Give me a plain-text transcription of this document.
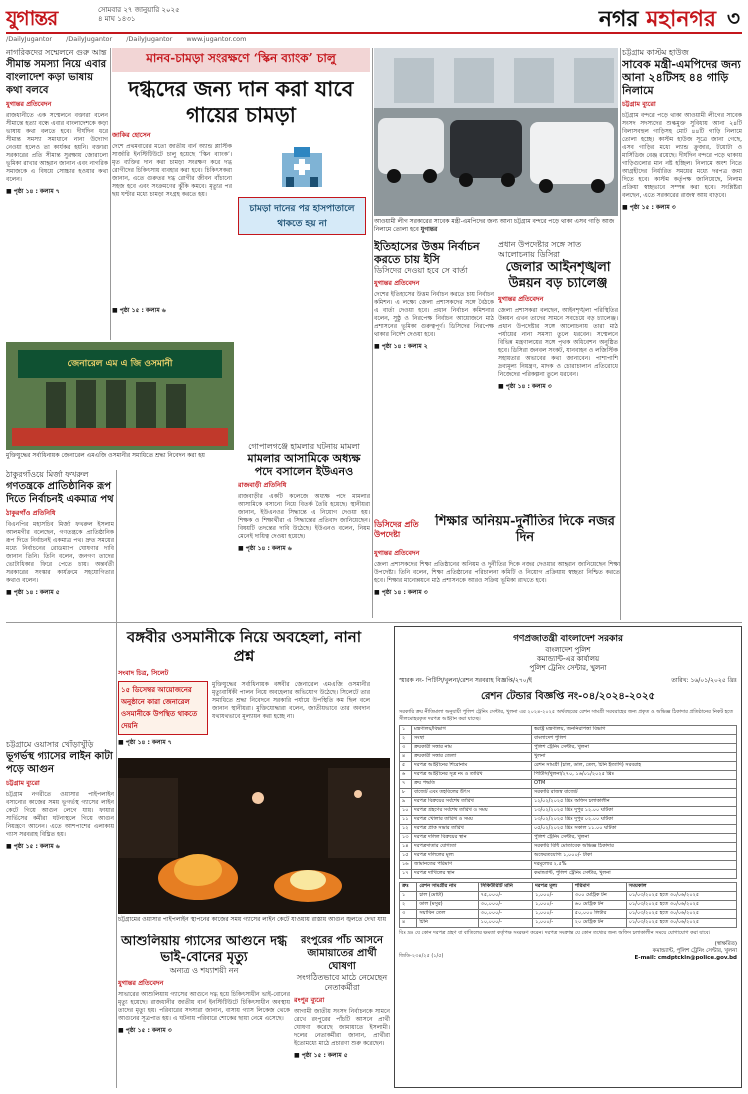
যুগান্তর	সোমবার ২৭ জানুয়ারি ২০২৫
৪ মাঘ ১৪৩১	নগর মহানগর ৩
/DailyJugantor /DailyJugantor /DailyJugantor www.jugantor.com
নাগরিকদের সম্মেলনে গুরু আন্ত
সীমান্ত সমস্যা নিয়ে এবার বাংলাদেশ কড়া ভাষায় কথা বলবে
যুগান্তর প্রতিবেদন
রাজধানীতে এক সম্মেলনে বক্তারা বলেন সীমান্তে হত্যা বন্ধে এবার বাংলাদেশকে কড়া ভাষায় কথা বলতে হবে। দীর্ঘদিন ধরে সীমান্ত সমস্যা সমাধানে নানা উদ্যোগ নেওয়া হলেও তা কার্যকর হয়নি। বক্তারা সরকারের প্রতি সীমান্ত সুরক্ষায় জোরালো ভূমিকা রাখার আহ্বান জানান এবং নাগরিক সমাজকে এ বিষয়ে সোচ্চার হওয়ার কথা বলেন।
■ পৃষ্ঠা ১৪ : কলাম ৭
মানব-চামড়া সংরক্ষণে ‘স্কিন ব্যাংক’ চালু
দগ্ধদের জন্য দান করা যাবে গায়ের চামড়া
জাকির হোসেন
দেশে প্রথমবারের মতো জাতীয় বার্ন অ্যান্ড প্লাস্টিক সার্জারি ইনস্টিটিউটে চালু হয়েছে ‘স্কিন ব্যাংক’। মৃত ব্যক্তির দান করা চামড়া সংরক্ষণ করে দগ্ধ রোগীদের চিকিৎসায় ব্যবহার করা হবে। চিকিৎসকরা জানান, এতে গুরুতর দগ্ধ রোগীর জীবন বাঁচানো সহজ হবে এবং সংক্রমণের ঝুঁকি কমবে। মৃত্যুর পর ছয় ঘণ্টার মধ্যে চামড়া সংগ্রহ করতে হয়।
চামড়া দানের পর হাসপাতালে থাকতে হয় না
■ পৃষ্ঠা ১৫ : কলাম ৬
আওয়ামী লীগ সরকারের সাবেক মন্ত্রী-এমপিদের জন্য আনা চট্টগ্রাম বন্দরে পড়ে থাকা এসব গাড়ি আজ নিলামে তোলা হবে যুগান্তর
চট্টগ্রাম কাস্টম হাউজ
সাবেক মন্ত্রী-এমপিদের জন্য আনা ২৪টিসহ ৪৪ গাড়ি নিলামে
চট্টগ্রাম ব্যুরো
চট্টগ্রাম বন্দরে পড়ে থাকা আওয়ামী লীগের সাবেক সংসদ সদস্যদের শুল্কমুক্ত সুবিধায় আনা ২৪টি বিলাসবহুল গাড়িসহ মোট ৪৪টি গাড়ি নিলামে তোলা হচ্ছে। কাস্টম হাউজ সূত্রে জানা গেছে, এসব গাড়ির মধ্যে ল্যান্ড ক্রুজার, টয়োটা ও মার্সিডিজ বেঞ্জ রয়েছে। দীর্ঘদিন বন্দরে পড়ে থাকায় গাড়িগুলোর মান নষ্ট হচ্ছিল। নিলামে অংশ নিতে আগ্রহীদের নির্ধারিত সময়ের মধ্যে দরপত্র জমা দিতে হবে। কাস্টম কর্তৃপক্ষ জানিয়েছে, নিলাম প্রক্রিয়া স্বচ্ছভাবে সম্পন্ন করা হবে। সংশ্লিষ্টরা বলছেন, এতে সরকারের রাজস্ব আয় বাড়বে।
■ পৃষ্ঠা ১৫ : কলাম ৩
ইতিহাসের উত্তম নির্বাচন করতে চায় ইসি
ডিসিদের দেওয়া হবে সে বার্তা
যুগান্তর প্রতিবেদন
দেশের ইতিহাসের উত্তম নির্বাচন করতে চায় নির্বাচন কমিশন। এ লক্ষ্যে জেলা প্রশাসকদের সঙ্গে বৈঠকে এ বার্তা দেওয়া হবে। প্রধান নির্বাচন কমিশনার বলেন, সুষ্ঠু ও নিরপেক্ষ নির্বাচন আয়োজনে মাঠ প্রশাসনের ভূমিকা গুরুত্বপূর্ণ। ডিসিদের নিরপেক্ষ থাকার নির্দেশ দেওয়া হবে।
■ পৃষ্ঠা ১৪ : কলাম ২
প্রধান উপদেষ্টার সঙ্গে সাত আলোচনায় ডিসিরা
জেলার আইনশৃঙ্খলা উন্নয়ন বড় চ্যালেঞ্জ
যুগান্তর প্রতিবেদন
জেলা প্রশাসকরা বলছেন, আইনশৃঙ্খলা পরিস্থিতির উন্নয়ন এখন তাদের সামনে সবচেয়ে বড় চ্যালেঞ্জ। প্রধান উপদেষ্টার সঙ্গে আলোচনায় তারা মাঠ পর্যায়ের নানা সমস্যা তুলে ধরবেন। সম্মেলনে বিভিন্ন মন্ত্রণালয়ের সঙ্গে পৃথক অধিবেশন অনুষ্ঠিত হবে। ডিসিরা জনবল সংকট, যানবাহন ও লজিস্টিক সহায়তার অভাবের কথা জানাবেন। পাশাপাশি দ্রব্যমূল্য নিয়ন্ত্রণ, মাদক ও চোরাচালান প্রতিরোধে নিজেদের পরিকল্পনা তুলে ধরবেন।
■ পৃষ্ঠা ১৪ : কলাম ৩
ডিসিদের প্রতি উপদেষ্টা
শিক্ষার অনিয়ম-দুর্নীতির দিকে নজর দিন
যুগান্তর প্রতিবেদন
জেলা প্রশাসকদের শিক্ষা প্রতিষ্ঠানের অনিয়ম ও দুর্নীতির দিকে নজর দেওয়ার আহ্বান জানিয়েছেন শিক্ষা উপদেষ্টা। তিনি বলেন, শিক্ষা প্রতিষ্ঠানের পরিচালনা কমিটি ও নিয়োগ প্রক্রিয়ায় স্বচ্ছতা নিশ্চিত করতে হবে। শিক্ষার মানোন্নয়নে মাঠ প্রশাসনকে আরও সক্রিয় ভূমিকা রাখতে হবে।
■ পৃষ্ঠা ১৪ : কলাম ৩
জেনারেল এম এ জি ওসমানী
মুক্তিযুদ্ধের সর্বাধিনায়ক জেনারেল এমএজি ওসমানীর সমাধিতে শ্রদ্ধা নিবেদন করা হয়
গোপালগঞ্জে হামলার ঘটনায় মামলা
মামলার আসামিকে অধ্যক্ষ পদে বসালেন ইউএনও
রাজবাড়ী প্রতিনিধি
রাজবাড়ীর একটি কলেজে অধ্যক্ষ পদে মামলার আসামিকে বসানো নিয়ে বিতর্ক তৈরি হয়েছে। স্থানীয়রা জানান, ইউএনওর সিদ্ধান্তে এ নিয়োগ দেওয়া হয়। শিক্ষক ও শিক্ষার্থীরা এ সিদ্ধান্তের প্রতিবাদ জানিয়েছেন। বিষয়টি তদন্তের দাবি উঠেছে। ইউএনও বলেন, নিয়ম মেনেই দায়িত্ব দেওয়া হয়েছে।
■ পৃষ্ঠা ১৪ : কলাম ৬
ঠাকুরগাঁওয়ে মির্জা ফখরুল
গণতন্ত্রকে প্রাতিষ্ঠানিক রূপ দিতে নির্বাচনই একমাত্র পথ
ঠাকুরগাঁও প্রতিনিধি
বিএনপির মহাসচিব মির্জা ফখরুল ইসলাম আলমগীর বলেছেন, গণতন্ত্রকে প্রাতিষ্ঠানিক রূপ দিতে নির্বাচনই একমাত্র পথ। দ্রুত সময়ের মধ্যে নির্বাচনের রোডম্যাপ ঘোষণার দাবি জানান তিনি। তিনি বলেন, জনগণ তাদের ভোটাধিকার ফিরে পেতে চায়। অন্তর্বর্তী সরকারের সংস্কার কার্যক্রমে সহযোগিতার কথাও বলেন।
■ পৃষ্ঠা ১৪ : কলাম ৫
চট্টগ্রামে ওয়াসার খোঁড়াখুঁড়ি
ভূগর্ভস্থ গ্যাসের লাইন কাটা পড়ে আগুন
চট্টগ্রাম ব্যুরো
চট্টগ্রাম নগরীতে ওয়াসার পাইপলাইন বসানোর কাজের সময় ভূগর্ভস্থ গ্যাসের লাইন কেটে গিয়ে আগুন লেগে যায়। ফায়ার সার্ভিসের কর্মীরা ঘটনাস্থলে গিয়ে আগুন নিয়ন্ত্রণে আনেন। এতে আশপাশের এলাকায় গ্যাস সরবরাহ বিঘ্নিত হয়।
■ পৃষ্ঠা ১৫ : কলাম ৬
বঙ্গবীর ওসমানীকে নিয়ে অবহেলা, নানা প্রশ্ন
সংবাদ চিত্র, সিলেট
১৫ ডিসেম্বর আয়োজনের অনুষ্ঠানে কারা জেনারেল ওসমানীকে উপস্থিত থাকতে দেয়নি
মুক্তিযুদ্ধের সর্বাধিনায়ক বঙ্গবীর জেনারেল এমএজি ওসমানীর মৃত্যুবার্ষিকী পালন নিয়ে অবহেলার অভিযোগ উঠেছে। সিলেটে তার সমাধিতে শ্রদ্ধা নিবেদনে সরকারি পর্যায়ে উপস্থিতি কম ছিল বলে জানান স্থানীয়রা। মুক্তিযোদ্ধারা বলেন, জাতীয়ভাবে তার অবদান যথাযথভাবে মূল্যায়ন করা হচ্ছে না।
■ পৃষ্ঠা ১৪ : কলাম ৭
চট্টগ্রামের ওয়াসার পাইপলাইন স্থাপনের কাজের সময় গ্যাসের লাইন কেটে যাওয়ায় রাস্তায় আগুন জ্বলতে দেখা যায়
আশুলিয়ায় গ্যাসের আগুনে দগ্ধ ভাই-বোনের মৃত্যু
অন্যত্র ও শয্যাশয়ী নন
যুগান্তর প্রতিবেদন
সাভারের আশুলিয়ায় গ্যাসের আগুনে দগ্ধ হয়ে চিকিৎসাধীন ভাই-বোনের মৃত্যু হয়েছে। রাজধানীর জাতীয় বার্ন ইনস্টিটিউটে চিকিৎসাধীন অবস্থায় তাদের মৃত্যু হয়। পরিবারের সদস্যরা জানান, বাসায় গ্যাস লিকেজ থেকে আগুনের সূত্রপাত হয়। এ ঘটনায় পরিবারে শোকের ছায়া নেমে এসেছে।
■ পৃষ্ঠা ১৫ : কলাম ৩
রংপুরের পাঁচ আসনে জামায়াতের প্রার্থী ঘোষণা
সংগঠিতভাবে মাঠে নেমেছেন নেতাকর্মীরা
রংপুর ব্যুরো
আগামী জাতীয় সংসদ নির্বাচনকে সামনে রেখে রংপুরের পাঁচটি আসনে প্রার্থী ঘোষণা করেছে জামায়াতে ইসলামী। দলের নেতাকর্মীরা জানান, প্রার্থীরা ইতোমধ্যে মাঠে প্রচারণা শুরু করেছেন।
■ পৃষ্ঠা ১৫ : কলাম ৫
গণপ্রজাতন্ত্রী বাংলাদেশ সরকার
বাংলাদেশ পুলিশ
কমান্ড্যান্ট-এর কার্যালয়
পুলিশ ট্রেনিং সেন্টার, খুলনা
স্মারক নং- পিটিসি/খুলনা/রেশন সরবরাহ বিজ্ঞপ্তি/২৭০/ই	তারিখ: ১৬/০১/২০২৫ খ্রিঃ
রেশন টেন্ডার বিজ্ঞপ্তি নং-০৪/২০২৪-২০২৫
সরকারি ক্রয় নীতিমালা অনুযায়ী পুলিশ ট্রেনিং সেন্টার, খুলনা এর ২০২৪-২০২৫ অর্থবছরের রেশন সামগ্রী সরবরাহের জন্য প্রকৃত ও অভিজ্ঞ ঠিকাদার প্রতিষ্ঠানের নিকট হতে সীলমোহরকৃত দরপত্র আহ্বান করা যাচ্ছে।
১	মন্ত্রণালয়/বিভাগ	স্বরাষ্ট্র মন্ত্রণালয়, জননিরাপত্তা বিভাগ
২	সংস্থা	বাংলাদেশ পুলিশ
৩	ক্রয়কারী সত্তার নাম	পুলিশ ট্রেনিং সেন্টার, খুলনা
৪	ক্রয়কারী সত্তার জেলা	খুলনা
৫	দরপত্র আহ্বানের শিরোনাম	রেশন সামগ্রী (চাল, ডাল, তেল, চিনি ইত্যাদি) সরবরাহ
৬	দরপত্র আহ্বানের সূত্র নং ও তারিখ	পিটিসি/খুলনা/২৭০, ১৬/০১/২০২৫ খ্রিঃ
৭	ক্রয় পদ্ধতি	OTM
৮	বাজেট এবং তহবিলের উৎস	সরকারি রাজস্ব বাজেট
৯	দরপত্র বিক্রয়ের সর্বশেষ তারিখ	১২/০২/২০২৫ খ্রিঃ অফিস চলাকালীন
১০	দরপত্র গ্রহণের সর্বশেষ তারিখ ও সময়	১৩/০২/২০২৫ খ্রিঃ দুপুর ১২.০০ ঘটিকা
১১	দরপত্র খোলার তারিখ ও সময়	১৩/০২/২০২৫ খ্রিঃ দুপুর ০২.০০ ঘটিকা
১২	দরপত্র প্রাক সভার তারিখ	০৫/০২/২০২৫ খ্রিঃ সকাল ১১.০০ ঘটিকা
১৩	দরপত্র দলিল বিক্রয়ের স্থান	পুলিশ ট্রেনিং সেন্টার, খুলনা
১৪	দরপত্রদাতার যোগ্যতা	সরকারি বিধি মোতাবেক অভিজ্ঞ ঠিকাদার
১৫	দরপত্র দলিলের মূল্য	অফেরতযোগ্য ১,০০০/- টাকা
১৬	জামানতের পরিমাণ	দরমূল্যের ২.৫%
১৭	দরপত্র দাখিলের স্থান	কমান্ড্যান্ট, পুলিশ ট্রেনিং সেন্টার, খুলনা
ক্রঃ	রেশন সামগ্রীর নাম	সিকিউরিটি মানি	দরপত্র মূল্য	পরিমাণ	সময়কাল
১	চাল (মোটা)	৭৫,০০০/-	১,০০০/-	৩০০ মেট্রিক টন	০১/০৩/২০২৫ হতে ৩০/০৬/২০২৫
২	ডাল (মসুর)	৩০,০০০/-	১,০০০/-	৬০ মেট্রিক টন	০১/০৩/২০২৫ হতে ৩০/০৬/২০২৫
৩	সয়াবিন তেল	৩০,০০০/-	১,০০০/-	৫০,০০০ লিটার	০১/০৩/২০২৫ হতে ৩০/০৬/২০২৫
৪	চিনি	১০,০০০/-	১,০০০/-	২০ মেট্রিক টন	০১/০৩/২০২৫ হতে ৩০/০৬/২০২৫
বিঃ দ্রঃ যে কোন দরপত্র গ্রহণ বা বাতিলের ক্ষমতা কর্তৃপক্ষ সংরক্ষণ করেন। দরপত্র সংক্রান্ত যে কোন তথ্যের জন্য অফিস চলাকালীন সময়ে যোগাযোগ করা যাবে।
জিডি-২৩৪/২৫ (১/৫)
(স্বাক্ষরিত)
কমান্ড্যান্ট, পুলিশ ট্রেনিং সেন্টার, খুলনা
E-mail: cmdptckln@police.gov.bd
